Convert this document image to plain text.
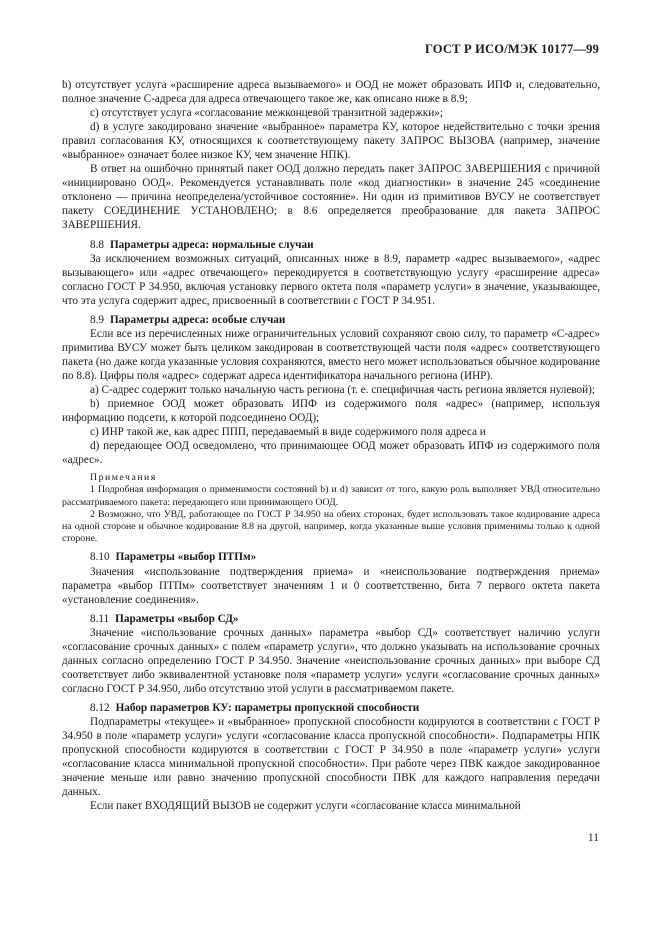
ГОСТ Р ИСО/МЭК 10177—99

b) отсутствует услуга «расширение адреса вызываемого» и ООД не может образовать ИПФ и, следовательно, полное значение С-адреса для адреса отвечающего такое же, как описано ниже в 8.9;

c) отсутствует услуга «согласование межконцевой транзитной задержки»;

d) в услуге закодировано значение «выбранное» параметра КУ, которое недействительно с точки зрения правил согласования КУ, относящихся к соответствующему пакету ЗАПРОС ВЫЗОВА (например, значение «выбранное» означает более низкое КУ, чем значение НПК).

В ответ на ошибочно принятый пакет ООД должно передать пакет ЗАПРОС ЗАВЕРШЕНИЯ с причиной «инициировано ООД». Рекомендуется устанавливать поле «код диагностики» в значение 245 «соединение отклонено — причина неопределена/устойчивое состояние». Ни один из примитивов ВУСУ не соответствует пакету СОЕДИНЕНИЕ УСТАНОВЛЕНО; в 8.6 определяется преобразование для пакета ЗАПРОС ЗАВЕРШЕНИЯ.

8.8 Параметры адреса: нормальные случаи

За исключением возможных ситуаций, описанных ниже в 8.9, параметр «адрес вызываемого», «адрес вызывающего» или «адрес отвечающего» перекодируется в соответствующую услугу «расширение адреса» согласно ГОСТ Р 34.950, включая установку первого октета поля «параметр услуги» в значение, указывающее, что эта услуга содержит адрес, присвоенный в соответствии с ГОСТ Р 34.951.

8.9 Параметры адреса: особые случаи

Если все из перечисленных ниже ограничительных условий сохраняют свою силу, то параметр «С-адрес» примитива ВУСУ может быть целиком закодирован в соответствующей части поля «адрес» соответствующего пакета (но даже когда указанные условия сохраняются, вместо него может использоваться обычное кодирование по 8.8). Цифры поля «адрес» содержат адреса идентификатора начального региона (ИНР).

a) С-адрес содержит только начальную часть региона (т. е. специфичная часть региона является нулевой);

b) приемное ООД может образовать ИПФ из содержимого поля «адрес» (например, используя информацию подсети, к которой подсоединено ООД);

c) ИНР такой же, как адрес ППП, передаваемый в виде содержимого поля адреса и

d) передающее ООД осведомлено, что принимающее ООД может образовать ИПФ из содержимого поля «адрес».

Примечания

1 Подробная информация о применимости состояний b) и d) зависит от того, какую роль выполняет УВД относительно рассматриваемого пакета: передающего или принимающего ООД.

2 Возможно, что УВД, работающее по ГОСТ Р 34.950 на обеих сторонах, будет использовать такое кодирование адреса на одной стороне и обычное кодирование 8.8 на другой, например, когда указанные выше условия применимы только к одной стороне.

8.10 Параметры «выбор ПТПм»

Значения «использование подтверждения приема» и «неиспользование подтверждения приема» параметра «выбор ПТПм» соответствует значениям 1 и 0 соответственно, бита 7 первого октета пакета «установление соединения».

8.11 Параметры «выбор СД»

Значение «использование срочных данных» параметра «выбор СД» соответствует наличию услуги «согласование срочных данных» с полем «параметр услуги», что должно указывать на использование срочных данных согласно определению ГОСТ Р 34.950. Значение «неиспользование срочных данных» при выборе СД соответствует либо эквивалентной установке поля «параметр услуги» услуги «согласование срочных данных» согласно ГОСТ Р 34.950, либо отсутствию этой услуги в рассматриваемом пакете.

8.12 Набор параметров КУ: параметры пропускной способности

Подпараметры «текущее» и «выбранное» пропускной способности кодируются в соответствии с ГОСТ Р 34.950 в поле «параметр услуги» услуги «согласование класса пропускной способности». Подпараметры НПК пропускной способности кодируются в соответствии с ГОСТ Р 34.950 в поле «параметр услуги» услуги «согласование класса минимальной пропускной способности». При работе через ПВК каждое закодированное значение меньше или равно значению пропускной способности ПВК для каждого направления передачи данных.

Если пакет ВХОДЯЩИЙ ВЫЗОВ не содержит услуги «согласование класса минимальной

11
